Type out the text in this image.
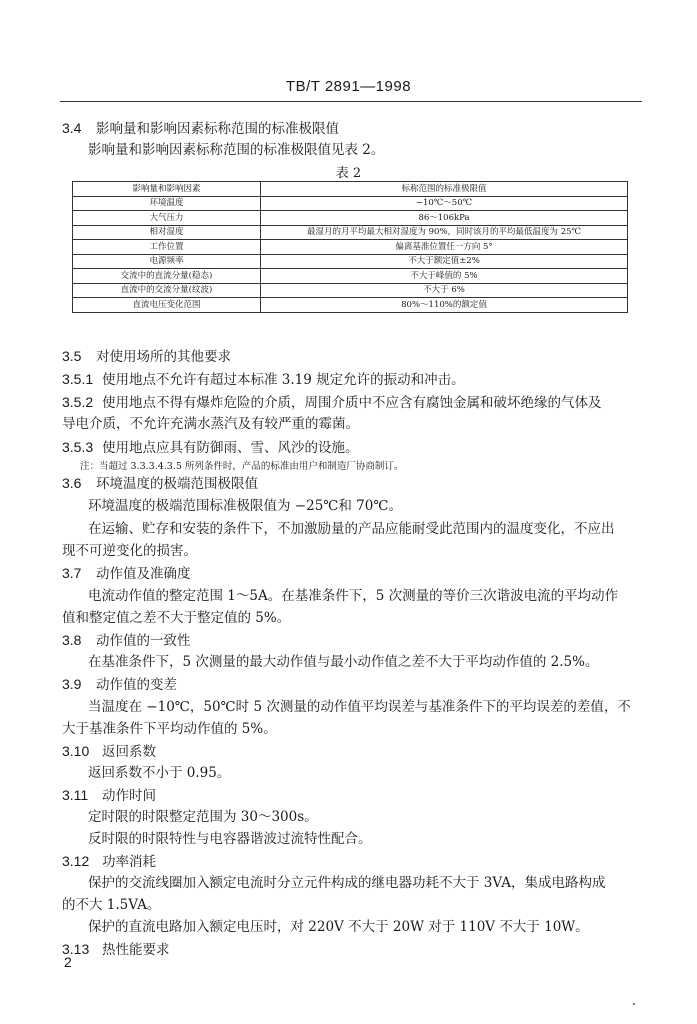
TB/T 2891—1998
3.4 影响量和影响因素标称范围的标准极限值
影响量和影响因素标称范围的标准极限值见表 2。
表 2
影响量和影响因素	标称范围的标准极限值
环境温度	−10℃～50℃
大气压力	86～106kPa
相对湿度	最湿月的月平均最大相对湿度为 90%，同时该月的平均最低温度为 25℃
工作位置	偏离基准位置任一方向 5°
电源频率	不大于额定值±2%
交流中的直流分量(稳态)	不大于峰值的 5%
直流中的交流分量(纹波)	不大于 6%
直流电压变化范围	80%～110%的额定值
3.5 对使用场所的其他要求
3.5.1 使用地点不允许有超过本标准 3.19 规定允许的振动和冲击。
3.5.2 使用地点不得有爆炸危险的介质，周围介质中不应含有腐蚀金属和破坏绝缘的气体及
导电介质，不允许充满水蒸汽及有较严重的霉菌。
3.5.3 使用地点应具有防御雨、雪、风沙的设施。
注：当超过 3.3.3.4.3.5 所列条件时，产品的标准由用户和制造厂协商制订。
3.6 环境温度的极端范围极限值
环境温度的极端范围标准极限值为 −25℃和 70℃。
在运输、贮存和安装的条件下，不加激励量的产品应能耐受此范围内的温度变化，不应出
现不可逆变化的损害。
3.7 动作值及准确度
电流动作值的整定范围 1～5A。在基准条件下，5 次测量的等价三次谐波电流的平均动作
值和整定值之差不大于整定值的 5%。
3.8 动作值的一致性
在基准条件下，5 次测量的最大动作值与最小动作值之差不大于平均动作值的 2.5%。
3.9 动作值的变差
当温度在 −10℃，50℃时 5 次测量的动作值平均误差与基准条件下的平均误差的差值，不
大于基准条件下平均动作值的 5%。
3.10 返回系数
返回系数不小于 0.95。
3.11 动作时间
定时限的时限整定范围为 30～300s。
反时限的时限特性与电容器谐波过流特性配合。
3.12 功率消耗
保护的交流线圈加入额定电流时分立元件构成的继电器功耗不大于 3VA，集成电路构成
的不大 1.5VA。
保护的直流电路加入额定电压时，对 220V 不大于 20W 对于 110V 不大于 10W。
3.13 热性能要求
2
